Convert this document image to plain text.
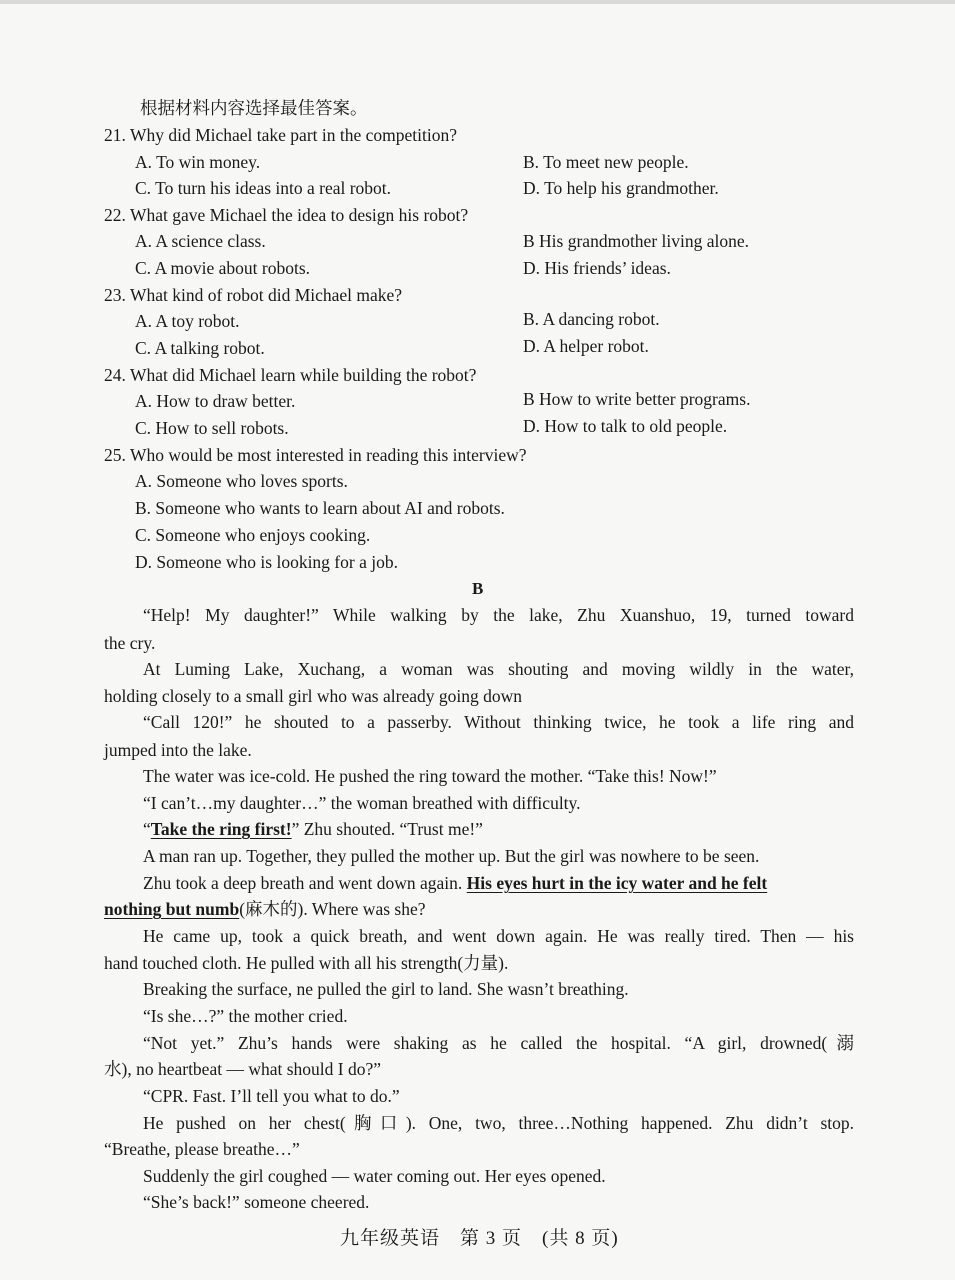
根据材料内容选择最佳答案。
21. Why did Michael take part in the competition?
A. To win money.	B. To meet new people.
C. To turn his ideas into a real robot.	D. To help his grandmother.
22. What gave Michael the idea to design his robot?
A. A science class.	B His grandmother living alone.
C. A movie about robots.	D. His friends’ ideas.
23. What kind of robot did Michael make?
A. A toy robot.	B. A dancing robot.
C. A talking robot.	D. A helper robot.
24. What did Michael learn while building the robot?
A. How to draw better.	B How to write better programs.
C. How to sell robots.	D. How to talk to old people.
25. Who would be most interested in reading this interview?
A. Someone who loves sports.
B. Someone who wants to learn about AI and robots.
C. Someone who enjoys cooking.
D. Someone who is looking for a job.
B
“Help! My daughter!” While walking by the lake, Zhu Xuanshuo, 19, turned toward
the cry.
At Luming Lake, Xuchang, a woman was shouting and moving wildly in the water,
holding closely to a small girl who was already going down
“Call 120!” he shouted to a passerby. Without thinking twice, he took a life ring and
jumped into the lake.
The water was ice-cold. He pushed the ring toward the mother. “Take this! Now!”
“I can’t…my daughter…” the woman breathed with difficulty.
“Take the ring first!” Zhu shouted. “Trust me!”
A man ran up. Together, they pulled the mother up. But the girl was nowhere to be seen.
Zhu took a deep breath and went down again. His eyes hurt in the icy water and he felt
nothing but numb(麻木的). Where was she?
He came up, took a quick breath, and went down again. He was really tired. Then — his
hand touched cloth. He pulled with all his strength(力量).
Breaking the surface, ne pulled the girl to land. She wasn’t breathing.
“Is she…?” the mother cried.
“Not yet.” Zhu’s hands were shaking as he called the hospital. “A girl, drowned(溺
水), no heartbeat — what should I do?”
“CPR. Fast. I’ll tell you what to do.”
He pushed on her chest(胸口). One, two, three…Nothing happened. Zhu didn’t stop.
“Breathe, please breathe…”
Suddenly the girl coughed — water coming out. Her eyes opened.
“She’s back!” someone cheered.
九年级英语　第 3 页　(共 8 页)
